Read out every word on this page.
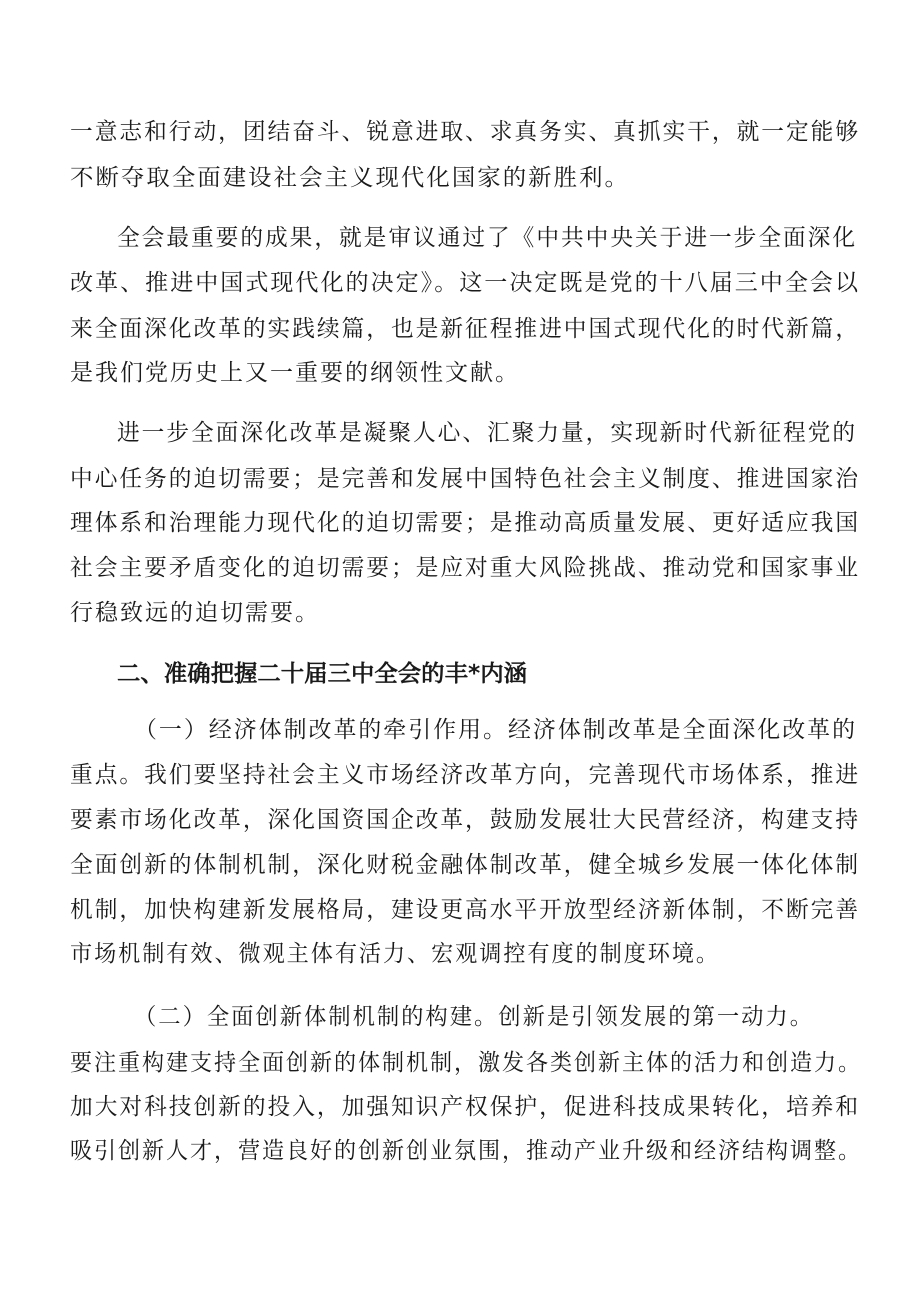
一意志和行动，团结奋斗、锐意进取、求真务实、真抓实干，就一定能够
不断夺取全面建设社会主义现代化国家的新胜利。
全会最重要的成果，就是审议通过了《中共中央关于进一步全面深化
改革、推进中国式现代化的决定》。这一决定既是党的十八届三中全会以
来全面深化改革的实践续篇，也是新征程推进中国式现代化的时代新篇，
是我们党历史上又一重要的纲领性文献。
进一步全面深化改革是凝聚人心、汇聚力量，实现新时代新征程党的
中心任务的迫切需要；是完善和发展中国特色社会主义制度、推进国家治
理体系和治理能力现代化的迫切需要；是推动高质量发展、更好适应我国
社会主要矛盾变化的迫切需要；是应对重大风险挑战、推动党和国家事业
行稳致远的迫切需要。
二、准确把握二十届三中全会的丰*内涵
（一）经济体制改革的牵引作用。经济体制改革是全面深化改革的
重点。我们要坚持社会主义市场经济改革方向，完善现代市场体系，推进
要素市场化改革，深化国资国企改革，鼓励发展壮大民营经济，构建支持
全面创新的体制机制，深化财税金融体制改革，健全城乡发展一体化体制
机制，加快构建新发展格局，建设更高水平开放型经济新体制，不断完善
市场机制有效、微观主体有活力、宏观调控有度的制度环境。
（二）全面创新体制机制的构建。创新是引领发展的第一动力。
要注重构建支持全面创新的体制机制，激发各类创新主体的活力和创造力。
加大对科技创新的投入，加强知识产权保护，促进科技成果转化，培养和
吸引创新人才，营造良好的创新创业氛围，推动产业升级和经济结构调整。
